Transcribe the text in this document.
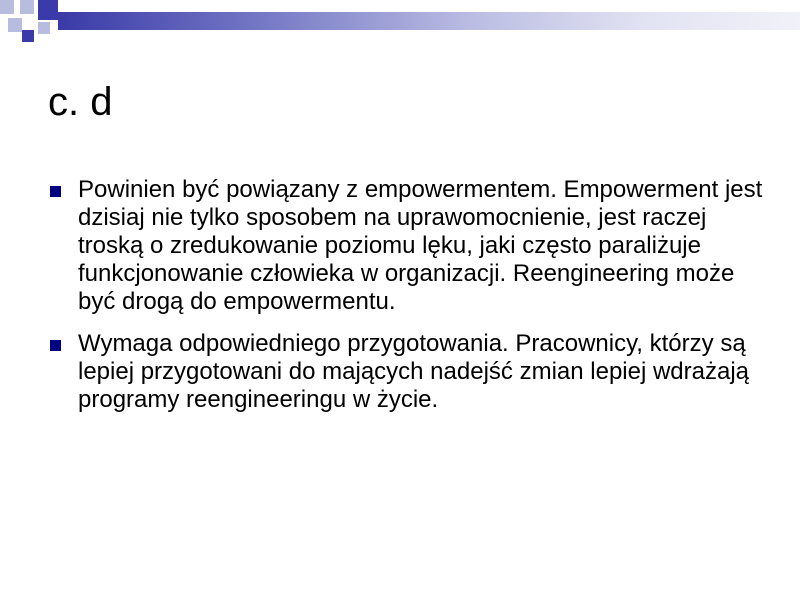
c. d
Powinien być powiązany z empowermentem. Empowerment jest dzisiaj nie tylko sposobem na uprawomocnienie, jest raczej troską o zredukowanie poziomu lęku, jaki często paraliżuje funkcjonowanie człowieka w organizacji. Reengineering może być drogą do empowermentu.
Wymaga odpowiedniego przygotowania. Pracownicy, którzy są lepiej przygotowani do mających nadejść zmian lepiej wdrażają programy reengineeringu w życie.
